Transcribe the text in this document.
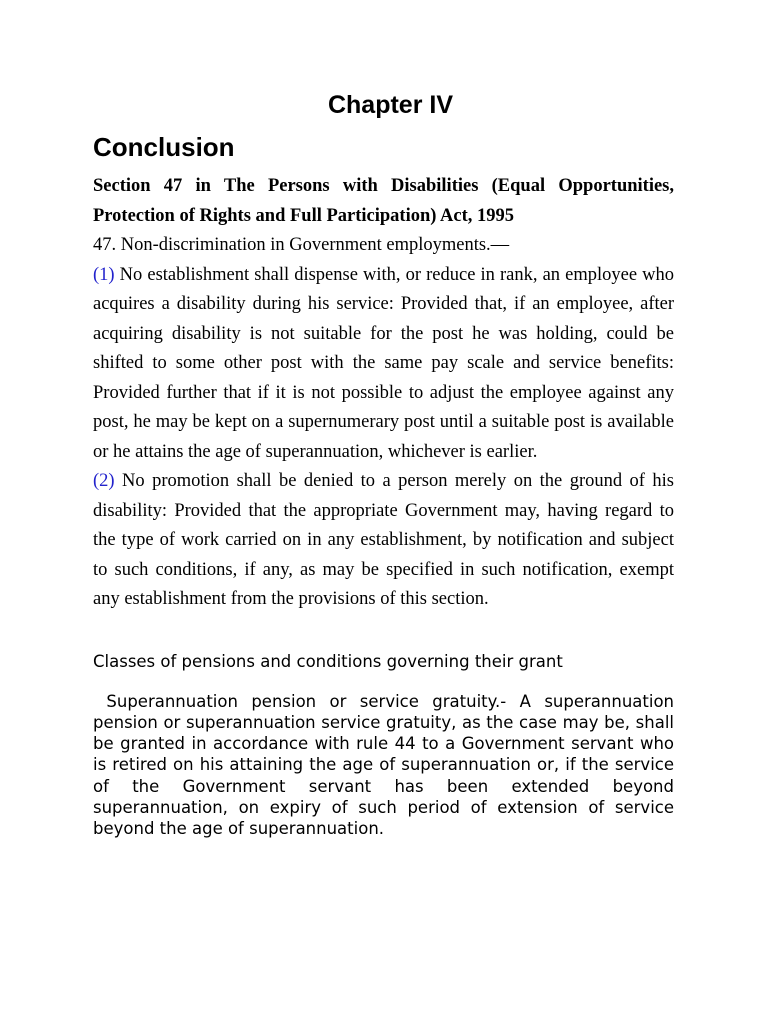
Chapter IV
Conclusion

Section 47 in The Persons with Disabilities (Equal Opportunities, Protection of Rights and Full Participation) Act, 1995

47. Non-discrimination in Government employments.—

(1) No establishment shall dispense with, or reduce in rank, an employee who acquires a disability during his service: Provided that, if an employee, after acquiring disability is not suitable for the post he was holding, could be shifted to some other post with the same pay scale and service benefits: Provided further that if it is not possible to adjust the employee against any post, he may be kept on a supernumerary post until a suitable post is available or he attains the age of superannuation, whichever is earlier.

(2) No promotion shall be denied to a person merely on the ground of his disability: Provided that the appropriate Government may, having regard to the type of work carried on in any establishment, by notification and subject to such conditions, if any, as may be specified in such notification, exempt any establishment from the provisions of this section.

Classes of pensions and conditions governing their grant

Superannuation pension or service gratuity.- A superannuation pension or superannuation service gratuity, as the case may be, shall be granted in accordance with rule 44 to a Government servant who is retired on his attaining the age of superannuation or, if the service of the Government servant has been extended beyond superannuation, on expiry of such period of extension of service beyond the age of superannuation.
